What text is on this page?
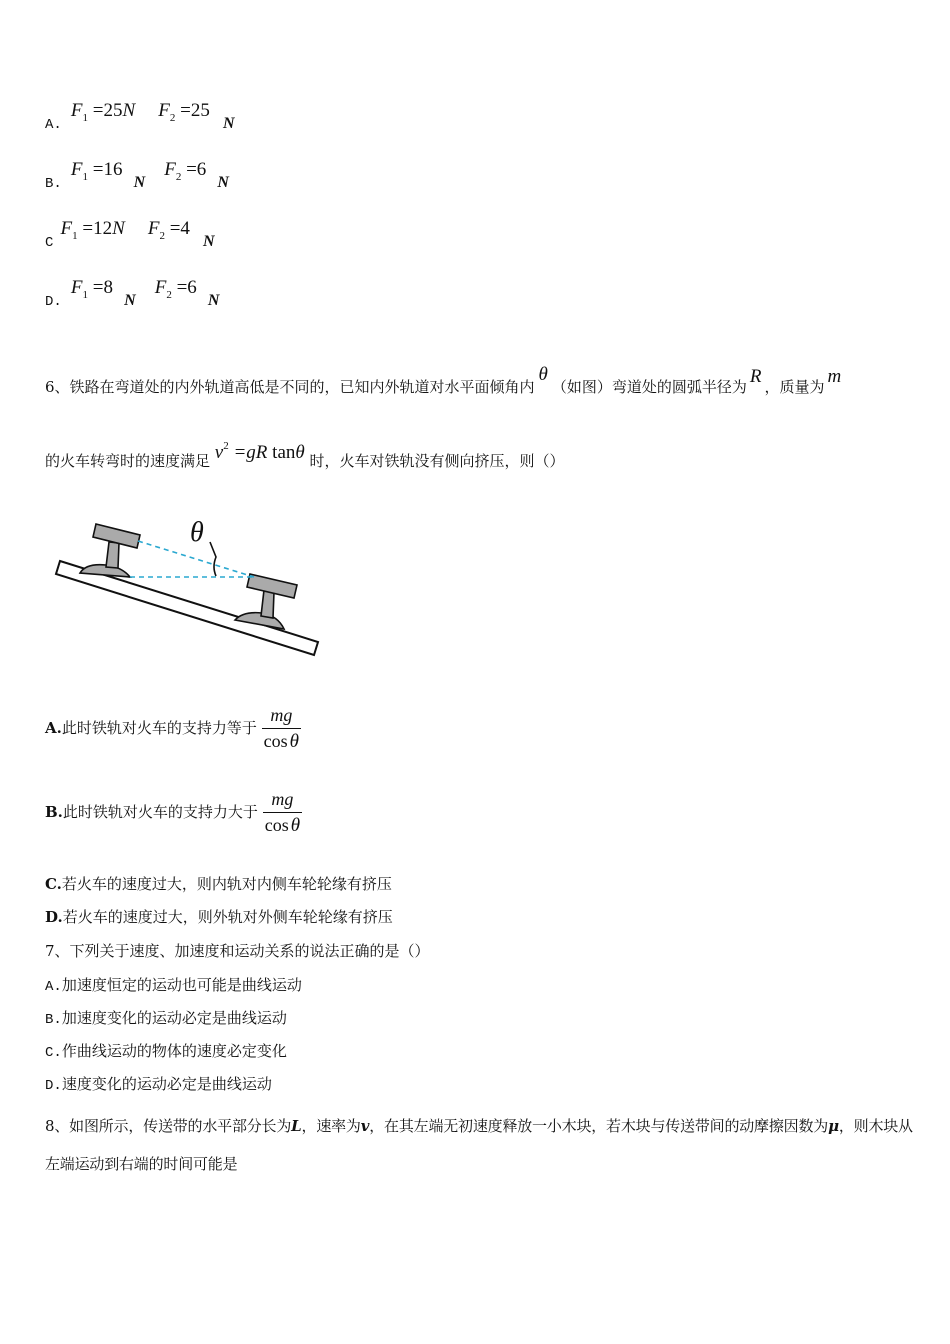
A. $F_1 =25N$ $F_2 =25$ N
B. $F_1 =16$ N $F_2 =6$ N
C $F_1 =12N$ $F_2 =4$ N
D. $F_1 =8$ N $F_2 =6$ N
6、铁路在弯道处的内外轨道高低是不同的，已知内外轨道对水平面倾角内θ（如图）弯道处的圆弧半径为 R ，质量为 m
的火车转弯时的速度满足 $v^2 =gR$ tanθ 时，火车对铁轨没有侧向挤压，则（）
θ
A.此时铁轨对火车的支持力等于 $\frac{mg}{\text{cos θ}}$
B.此时铁轨对火车的支持力大于 $\frac{mg}{\text{cos θ}}$
C.若火车的速度过大，则内轨对内侧车轮轮缘有挤压
D.若火车的速度过大，则外轨对外侧车轮轮缘有挤压
7、下列关于速度、加速度和运动关系的说法正确的是（）
A.加速度恒定的运动也可能是曲线运动
B.加速度变化的运动必定是曲线运动
C.作曲线运动的物体的速度必定变化
D.速度变化的运动必定是曲线运动
8、如图所示，传送带的水平部分长为L，速率为v，在其左端无初速度释放一小木块，若木块与传送带间的动摩擦因数为μ，则木块从左端运动到右端的时间可能是
